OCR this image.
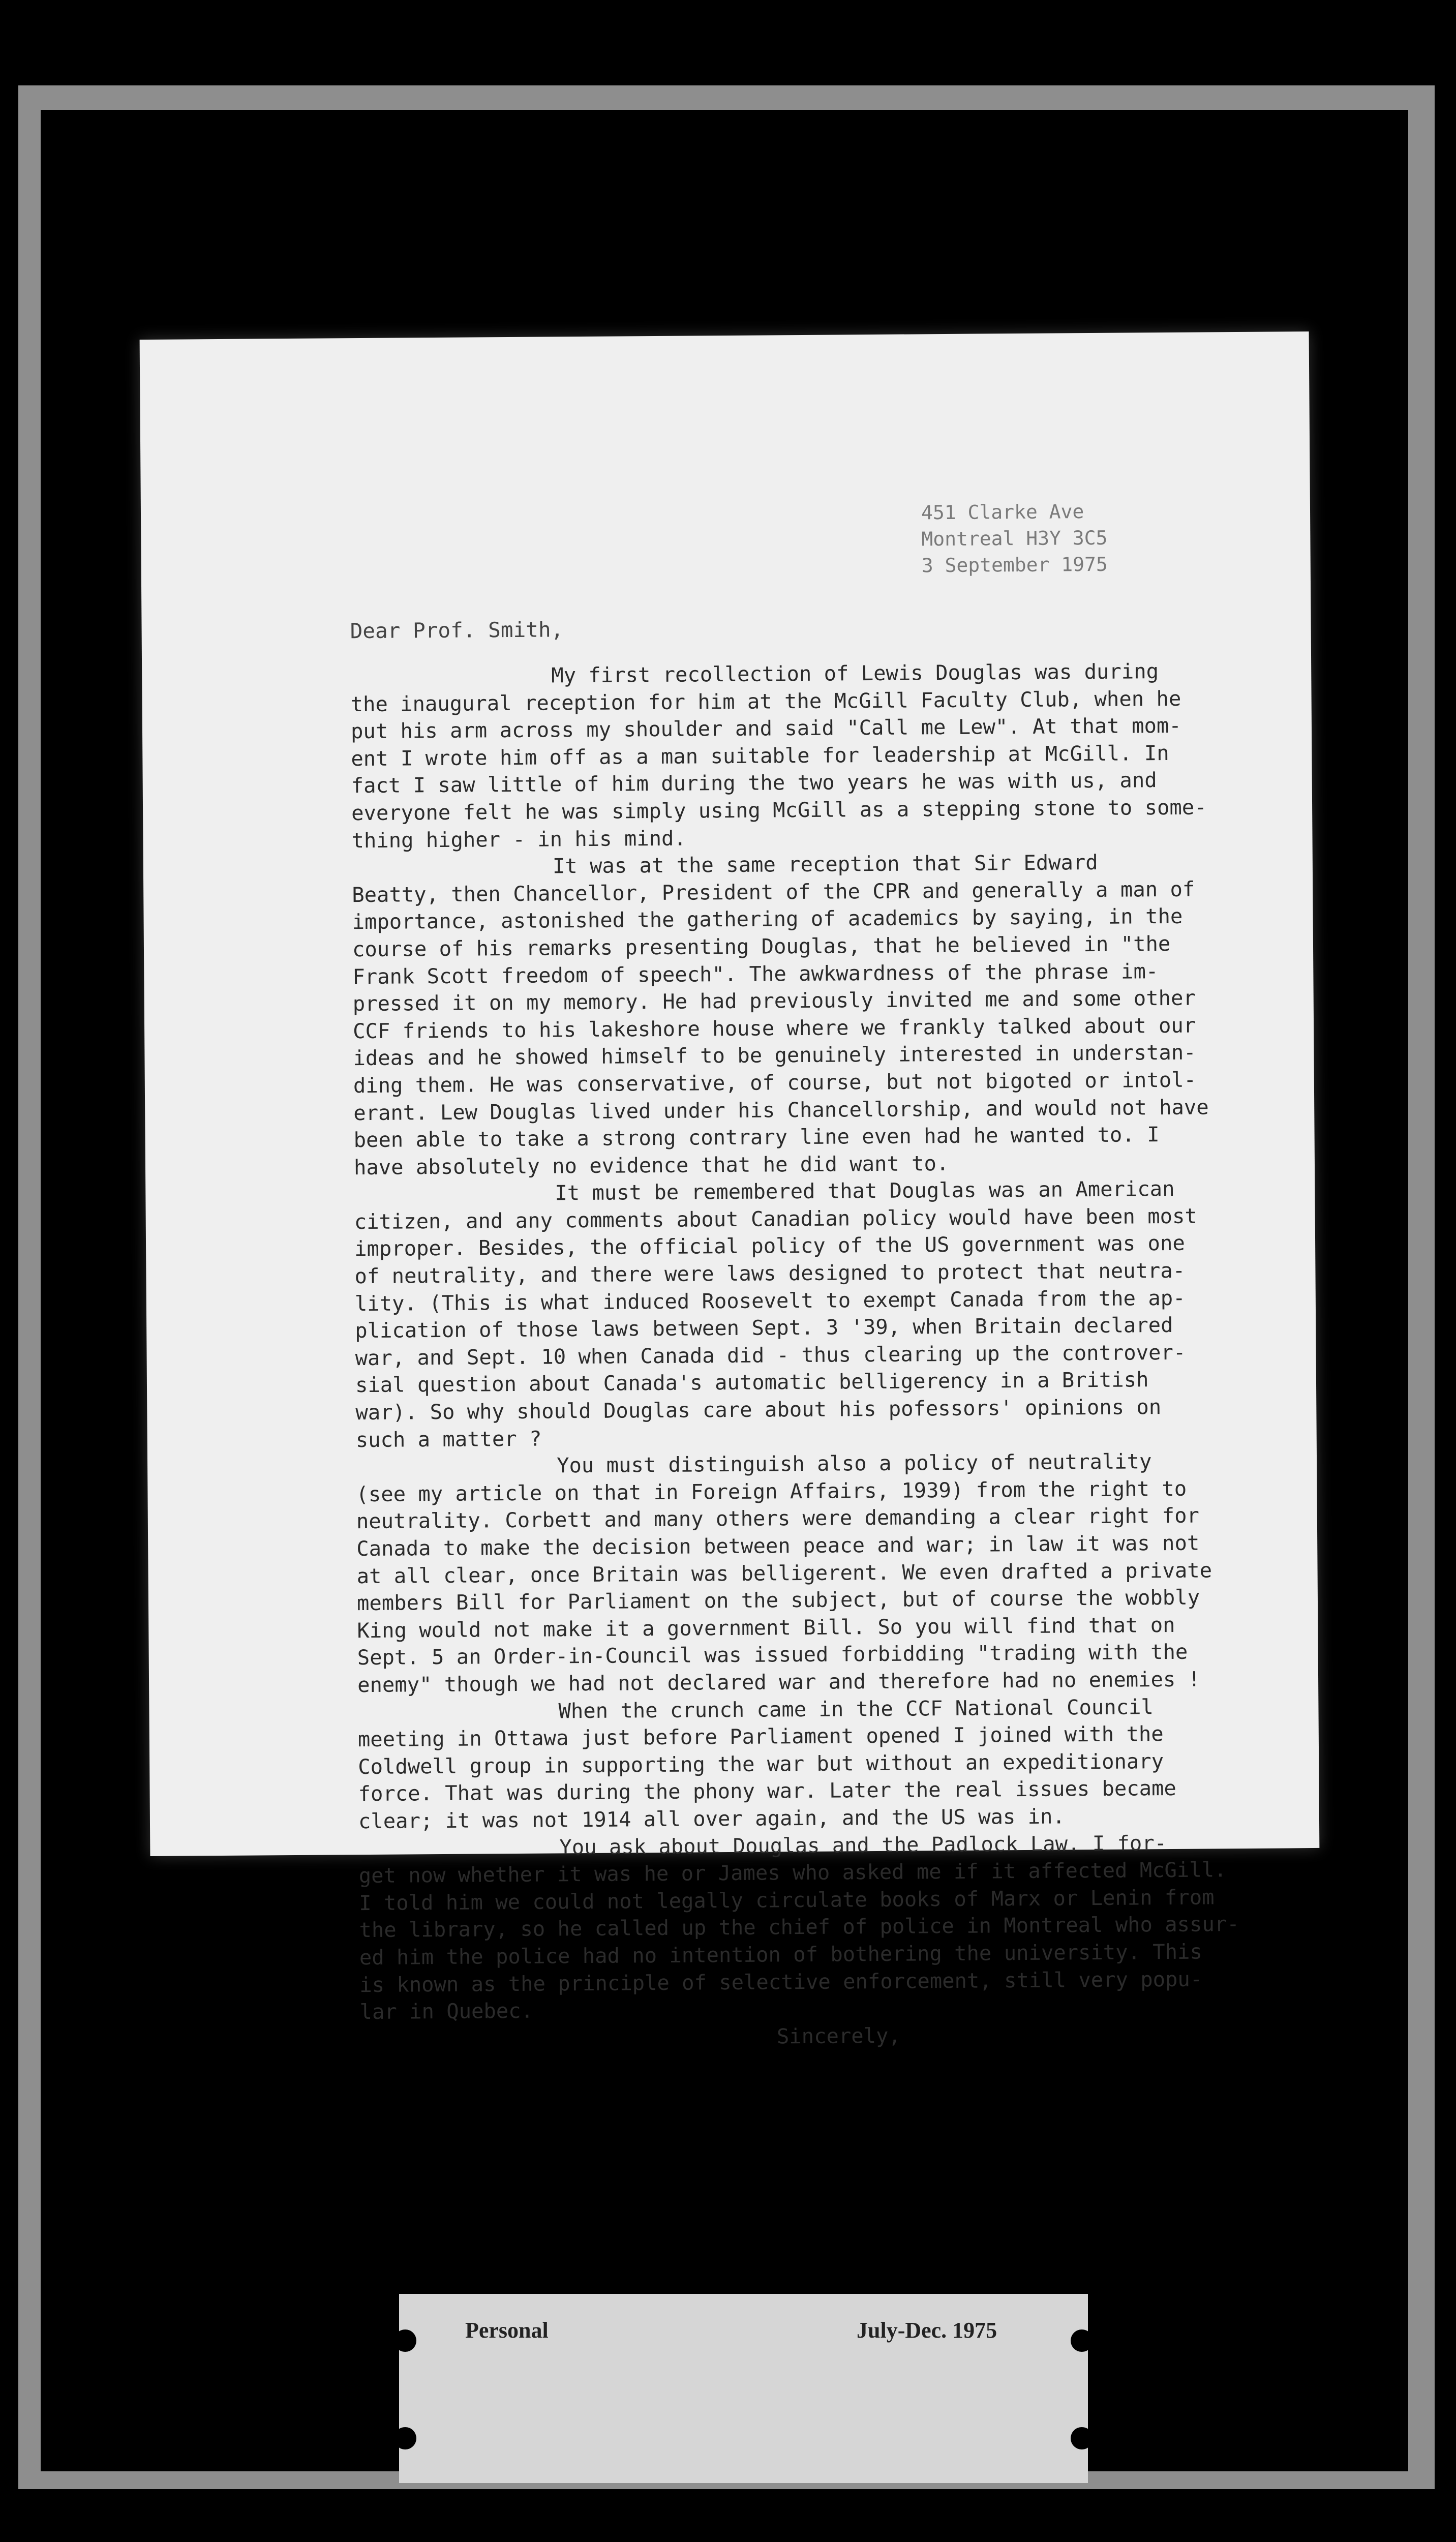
451 Clarke Ave
Montreal H3Y 3C5
3 September 1975
Dear Prof. Smith,
My first recollection of Lewis Douglas was during
the inaugural reception for him at the McGill Faculty Club, when he
put his arm across my shoulder and said "Call me Lew". At that mom-
ent I wrote him off as a man suitable for leadership at McGill. In
fact I saw little of him during the two years he was with us, and
everyone felt he was simply using McGill as a stepping stone to some-
thing higher - in his mind.
It was at the same reception that Sir Edward
Beatty, then Chancellor, President of the CPR and generally a man of
importance, astonished the gathering of academics by saying, in the
course of his remarks presenting Douglas, that he believed in "the
Frank Scott freedom of speech". The awkwardness of the phrase im-
pressed it on my memory. He had previously invited me and some other
CCF friends to his lakeshore house where we frankly talked about our
ideas and he showed himself to be genuinely interested in understan-
ding them. He was conservative, of course, but not bigoted or intol-
erant. Lew Douglas lived under his Chancellorship, and would not have
been able to take a strong contrary line even had he wanted to. I
have absolutely no evidence that he did want to.
It must be remembered that Douglas was an American
citizen, and any comments about Canadian policy would have been most
improper. Besides, the official policy of the US government was one
of neutrality, and there were laws designed to protect that neutra-
lity. (This is what induced Roosevelt to exempt Canada from the ap-
plication of those laws between Sept. 3 '39, when Britain declared
war, and Sept. 10 when Canada did - thus clearing up the controver-
sial question about Canada's automatic belligerency in a British
war). So why should Douglas care about his pofessors' opinions on
such a matter ?
You must distinguish also a policy of neutrality
(see my article on that in Foreign Affairs, 1939) from the right to
neutrality. Corbett and many others were demanding a clear right for
Canada to make the decision between peace and war; in law it was not
at all clear, once Britain was belligerent. We even drafted a private
members Bill for Parliament on the subject, but of course the wobbly
King would not make it a government Bill. So you will find that on
Sept. 5 an Order-in-Council was issued forbidding "trading with the
enemy" though we had not declared war and therefore had no enemies !
When the crunch came in the CCF National Council
meeting in Ottawa just before Parliament opened I joined with the
Coldwell group in supporting the war but without an expeditionary
force. That was during the phony war. Later the real issues became
clear; it was not 1914 all over again, and the US was in.
You ask about Douglas and the Padlock Law. I for-
get now whether it was he or James who asked me if it affected McGill.
I told him we could not legally circulate books of Marx or Lenin from
the library, so he called up the chief of police in Montreal who assur-
ed him the police had no intention of bothering the university. This
is known as the principle of selective enforcement, still very popu-
lar in Quebec.
Sincerely,
Personal	July-Dec. 1975
